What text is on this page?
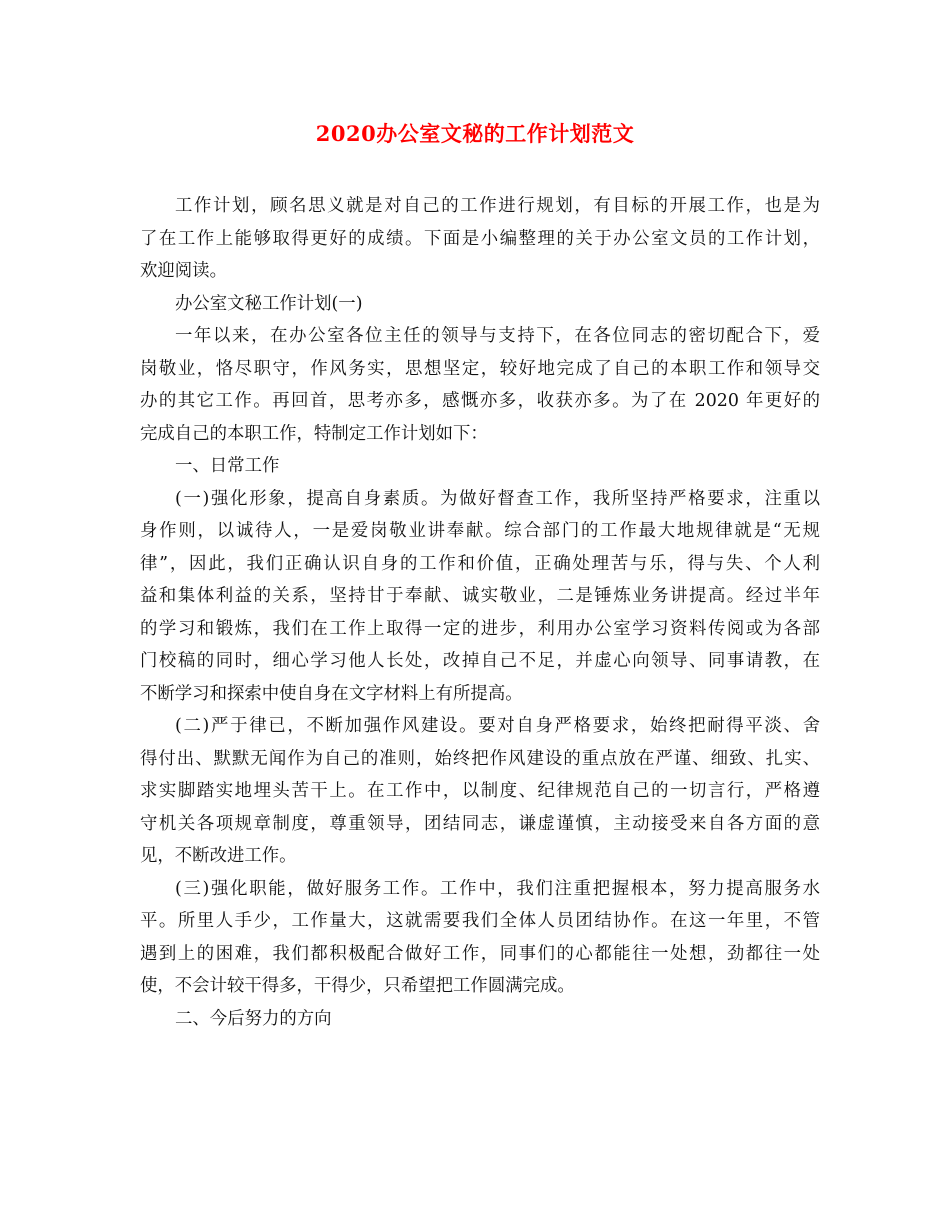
2020办公室文秘的工作计划范文
工作计划，顾名思义就是对自己的工作进行规划，有目标的开展工作，也是为
了在工作上能够取得更好的成绩。下面是小编整理的关于办公室文员的工作计划，
欢迎阅读。
办公室文秘工作计划(一)
一年以来，在办公室各位主任的领导与支持下，在各位同志的密切配合下，爱
岗敬业，恪尽职守，作风务实，思想坚定，较好地完成了自己的本职工作和领导交
办的其它工作。再回首，思考亦多，感慨亦多，收获亦多。为了在 2020 年更好的
完成自己的本职工作，特制定工作计划如下：
一、日常工作
(一)强化形象，提高自身素质。为做好督查工作，我所坚持严格要求，注重以
身作则，以诚待人，一是爱岗敬业讲奉献。综合部门的工作最大地规律就是“无规
律”，因此，我们正确认识自身的工作和价值，正确处理苦与乐，得与失、个人利
益和集体利益的关系，坚持甘于奉献、诚实敬业，二是锤炼业务讲提高。经过半年
的学习和锻炼，我们在工作上取得一定的进步，利用办公室学习资料传阅或为各部
门校稿的同时，细心学习他人长处，改掉自己不足，并虚心向领导、同事请教，在
不断学习和探索中使自身在文字材料上有所提高。
(二)严于律已，不断加强作风建设。要对自身严格要求，始终把耐得平淡、舍
得付出、默默无闻作为自己的准则，始终把作风建设的重点放在严谨、细致、扎实、
求实脚踏实地埋头苦干上。在工作中，以制度、纪律规范自己的一切言行，严格遵
守机关各项规章制度，尊重领导，团结同志，谦虚谨慎，主动接受来自各方面的意
见，不断改进工作。
(三)强化职能，做好服务工作。工作中，我们注重把握根本，努力提高服务水
平。所里人手少，工作量大，这就需要我们全体人员团结协作。在这一年里，不管
遇到上的困难，我们都积极配合做好工作，同事们的心都能往一处想，劲都往一处
使，不会计较干得多，干得少，只希望把工作圆满完成。
二、今后努力的方向
